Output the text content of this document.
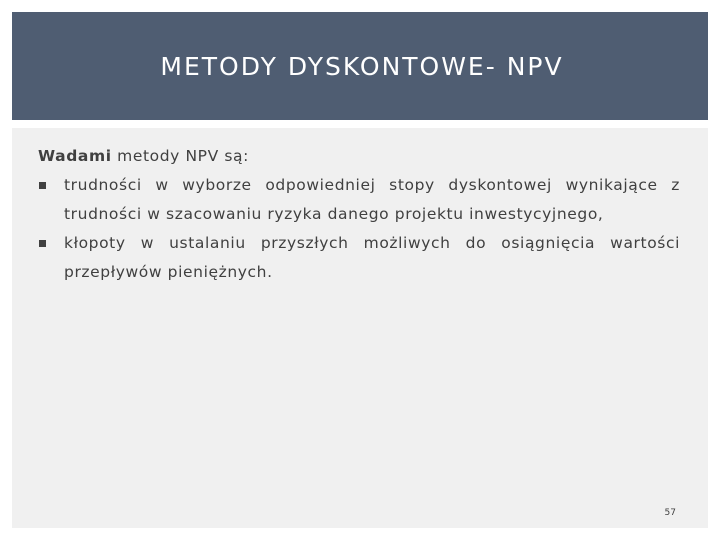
METODY DYSKONTOWE- NPV

Wadami metody NPV są:

trudności w wyborze odpowiedniej stopy dyskontowej wynikające z trudności w szacowaniu ryzyka danego projektu inwestycyjnego,
kłopoty w ustalaniu przyszłych możliwych do osiągnięcia wartości przepływów pieniężnych.
57
